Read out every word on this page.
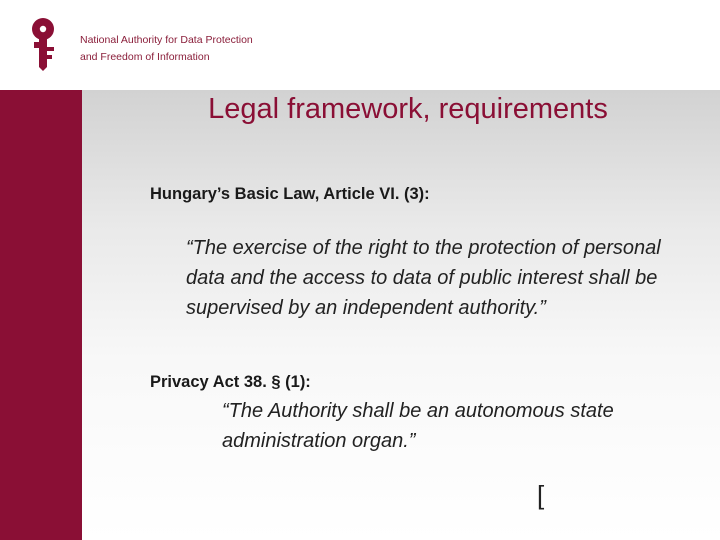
National Authority for Data Protection
and Freedom of Information
Legal framework, requirements
Hungary’s Basic Law, Article VI. (3):
“The exercise of the right to the protection of personal data and the access to data of public interest shall be supervised by an independent authority.”
Privacy Act 38. § (1):
“The Authority shall be an autonomous state administration organ.”
[
